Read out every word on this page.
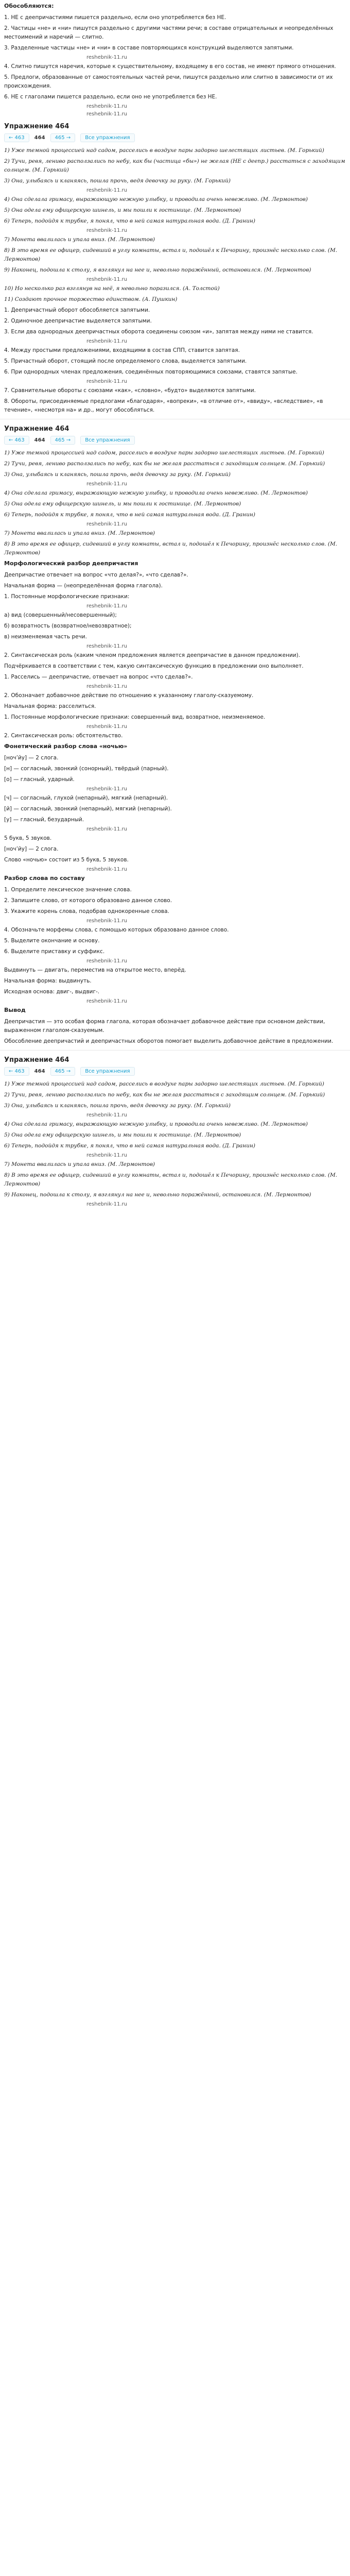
Обособляются:
1. НЕ с деепричастиями пишется раздельно, если оно употребляется без НЕ.
2. Частицы «не» и «ни» пишутся раздельно с другими частями речи; в составе отрицательных и неопределённых местоимений и наречий — слитно.
3. Разделенные частицы «не» и «ни» в составе повторяющихся конструкций выделяются запятыми.
reshebnik-11.ru
4. Слитно пишутся наречия, которые к существительному, входящему в его состав, не имеют прямого отношения.
5. Предлоги, образованные от самостоятельных частей речи, пишутся раздельно или слитно в зависимости от их происхождения.
6. НЕ с глаголами пишется раздельно, если оно не употребляется без НЕ.
reshebnik-11.ru
reshebnik-11.ru
Упражнение 464
← 463	464	465 →	Все упражнения
1) Уже темной процессией над садом, расселись в воздухе пары задорно шелестящих листьев. (М. Горький)
2) Тучи, ревя, лениво расползались по небу, как бы (частица «бы») не желая (НЕ с деепр.) расстаться с заходящим солнцем. (М. Горький)
3) Она, улыбаясь и кланяясь, пошла прочь, ведя девочку за руку. (М. Горький)
reshebnik-11.ru
4) Она сделала гримасу, выражающую нежную улыбку, и проводила очень невежливо. (М. Лермонтов)
5) Она одела ему офицерскую шинель, и мы пошли к гостинице. (М. Лермонтов)
6) Теперь, подойдя к трубке, я понял, что в ней самая натуральная вода. (Д. Гранин)
reshebnik-11.ru
7) Монета ввалилась и упала вниз. (М. Лермонтов)
8) В это время ее офицер, сидевший в углу комнаты, встал и, подошёл к Печорину, произнёс несколько слов. (М. Лермонтов)
9) Наконец, подошла к столу, я взглянул на нее и, невольно поражённый, остановился. (М. Лермонтов)
reshebnik-11.ru
10) Но несколько раз взглянув на неё, я невольно поразился. (А. Толстой)
11) Создают прочное торжество единством. (А. Пушкин)
1. Деепричастный оборот обособляется запятыми.
2. Одиночное деепричастие выделяется запятыми.
3. Если два однородных деепричастных оборота соединены союзом «и», запятая между ними не ставится.
reshebnik-11.ru
4. Между простыми предложениями, входящими в состав СПП, ставится запятая.
5. Причастный оборот, стоящий после определяемого слова, выделяется запятыми.
6. При однородных членах предложения, соединённых повторяющимися союзами, ставятся запятые.
reshebnik-11.ru
7. Сравнительные обороты с союзами «как», «словно», «будто» выделяются запятыми.
8. Обороты, присоединяемые предлогами «благодаря», «вопреки», «в отличие от», «ввиду», «вследствие», «в течение», «несмотря на» и др., могут обособляться.
Упражнение 464
← 463	464	465 →	Все упражнения
1) Уже темной процессией над садом, расселись в воздухе пары задорно шелестящих листьев. (М. Горький)
2) Тучи, ревя, лениво расползались по небу, как бы не желая расстаться с заходящим солнцем. (М. Горький)
3) Она, улыбаясь и кланяясь, пошла прочь, ведя девочку за руку. (М. Горький)
reshebnik-11.ru
4) Она сделала гримасу, выражающую нежную улыбку, и проводила очень невежливо. (М. Лермонтов)
5) Она одела ему офицерскую шинель, и мы пошли к гостинице. (М. Лермонтов)
6) Теперь, подойдя к трубке, я понял, что в ней самая натуральная вода. (Д. Гранин)
reshebnik-11.ru
7) Монета ввалилась и упала вниз. (М. Лермонтов)
8) В это время ее офицер, сидевший в углу комнаты, встал и, подошёл к Печорину, произнёс несколько слов. (М. Лермонтов)
Морфологический разбор деепричастия
Деепричастие отвечает на вопрос «что делая?», «что сделав?».
Начальная форма — (неопределённая форма глагола).
1. Постоянные морфологические признаки:
reshebnik-11.ru
а) вид (совершенный/несовершенный);
б) возвратность (возвратное/невозвратное);
в) неизменяемая часть речи.
reshebnik-11.ru
2. Синтаксическая роль (каким членом предложения является деепричастие в данном предложении).
Подчёркивается в соответствии с тем, какую синтаксическую функцию в предложении оно выполняет.
1. Расселись — деепричастие, отвечает на вопрос «что сделав?».
reshebnik-11.ru
2. Обозначает добавочное действие по отношению к указанному глаголу-сказуемому.
Начальная форма: расселиться.
1. Постоянные морфологические признаки: совершенный вид, возвратное, неизменяемое.
reshebnik-11.ru
2. Синтаксическая роль: обстоятельство.
Фонетический разбор слова «ночью»
[ночʼйу] — 2 слога.
[н] — согласный, звонкий (сонорный), твёрдый (парный).
[о] — гласный, ударный.
reshebnik-11.ru
[ч] — согласный, глухой (непарный), мягкий (непарный).
[й] — согласный, звонкий (непарный), мягкий (непарный).
[у] — гласный, безударный.
reshebnik-11.ru
5 букв, 5 звуков.
[ночʼйу] — 2 слога.
Слово «ночью» состоит из 5 букв, 5 звуков.
reshebnik-11.ru
Разбор слова по составу
1. Определите лексическое значение слова.
2. Запишите слово, от которого образовано данное слово.
3. Укажите корень слова, подобрав однокоренные слова.
reshebnik-11.ru
4. Обозначьте морфемы слова, с помощью которых образовано данное слово.
5. Выделите окончание и основу.
6. Выделите приставку и суффикс.
reshebnik-11.ru
Выдвинуть — двигать, переместив на открытое место, вперёд.
Начальная форма: выдвинуть.
Исходная основа: двиг-, выдвиг-.
reshebnik-11.ru
Вывод
Деепричастия — это особая форма глагола, которая обозначает добавочное действие при основном действии, выраженном глаголом-сказуемым.
Обособление деепричастий и деепричастных оборотов помогает выделить добавочное действие в предложении.
Упражнение 464
← 463	464	465 →	Все упражнения
1) Уже темной процессией над садом, расселись в воздухе пары задорно шелестящих листьев. (М. Горький)
2) Тучи, ревя, лениво расползались по небу, как бы не желая расстаться с заходящим солнцем. (М. Горький)
3) Она, улыбаясь и кланяясь, пошла прочь, ведя девочку за руку. (М. Горький)
reshebnik-11.ru
4) Она сделала гримасу, выражающую нежную улыбку, и проводила очень невежливо. (М. Лермонтов)
5) Она одела ему офицерскую шинель, и мы пошли к гостинице. (М. Лермонтов)
6) Теперь, подойдя к трубке, я понял, что в ней самая натуральная вода. (Д. Гранин)
reshebnik-11.ru
7) Монета ввалилась и упала вниз. (М. Лермонтов)
8) В это время ее офицер, сидевший в углу комнаты, встал и, подошёл к Печорину, произнёс несколько слов. (М. Лермонтов)
9) Наконец, подошла к столу, я взглянул на нее и, невольно поражённый, остановился. (М. Лермонтов)
reshebnik-11.ru
